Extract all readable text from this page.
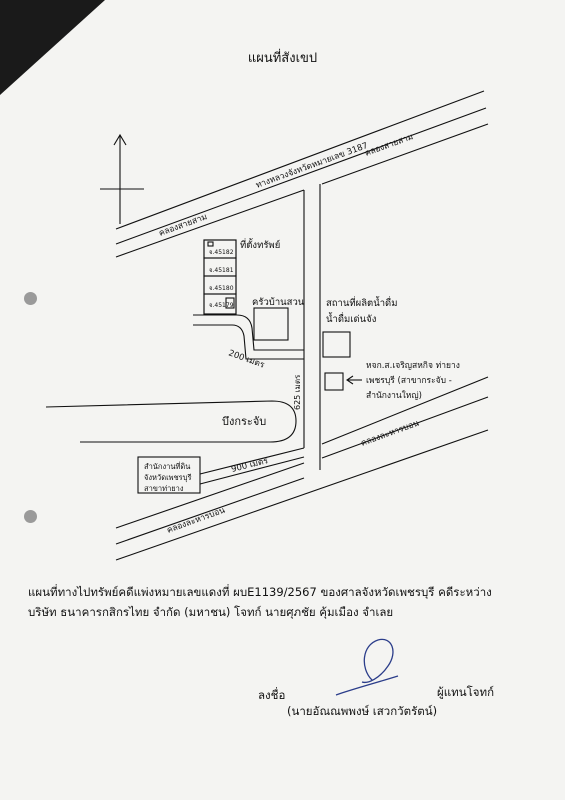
แผนที่สังเขป
ทางหลวงจังหวัดหมายเลข 3187
คลองสายสาม
คลองสายสาม
คลองละหารบอน
คลองละหารบอน
จ.45182
จ.45181
จ.45180
จ.45179
ที่ตั้งทรัพย์
ครัวบ้านสวน สถานที่ผลิตน้ำดื่ม
น้ำดื่มเด่นจัง
หจก.ส.เจริญสหกิจ ท่ายาง
เพชรบุรี (สาขากระจับ -
สำนักงานใหญ่)
บึงกระจับ
สำนักงานที่ดิน
จังหวัดเพชรบุรี
สาขาท่ายาง
200 เมตร
625 เมตร
900 เมตร
แผนที่ทางไปทรัพย์คดีแพ่งหมายเลขแดงที่ ผบE1139/2567 ของศาลจังหวัดเพชรบุรี คดีระหว่าง
บริษัท ธนาคารกสิกรไทย จำกัด (มหาชน) โจทก์ นายศุภชัย คุ้มเมือง จำเลย
ลงชื่อ	ผู้แทนโจทก์
(นายอัณณพพงษ์ เสวกวัตรัตน์)
